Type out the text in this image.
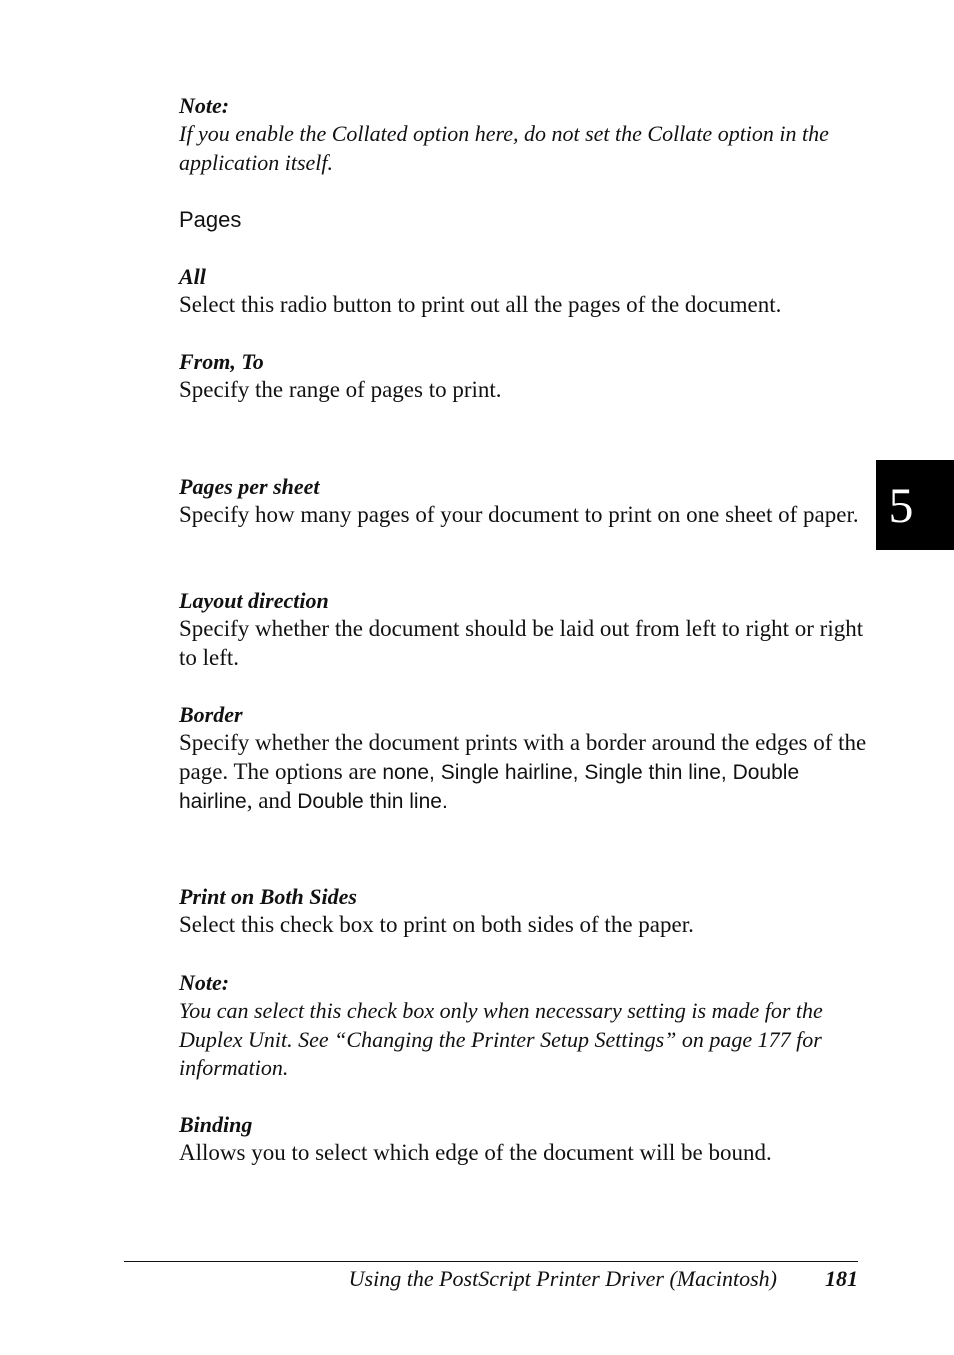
Note:
If you enable the Collated option here, do not set the Collate option in the application itself.
Pages
All
Select this radio button to print out all the pages of the document.
From, To
Specify the range of pages to print.
Pages per sheet
Specify how many pages of your document to print on one sheet of paper.
Layout direction
Specify whether the document should be laid out from left to right or right to left.
Border
Specify whether the document prints with a border around the edges of the page. The options are none, Single hairline, Single thin line, Double hairline, and Double thin line.
Print on Both Sides
Select this check box to print on both sides of the paper.
Note:
You can select this check box only when necessary setting is made for the Duplex Unit. See “Changing the Printer Setup Settings” on page 177 for information.
Binding
Allows you to select which edge of the document will be bound.
5
Using the PostScript Printer Driver (Macintosh) 181
